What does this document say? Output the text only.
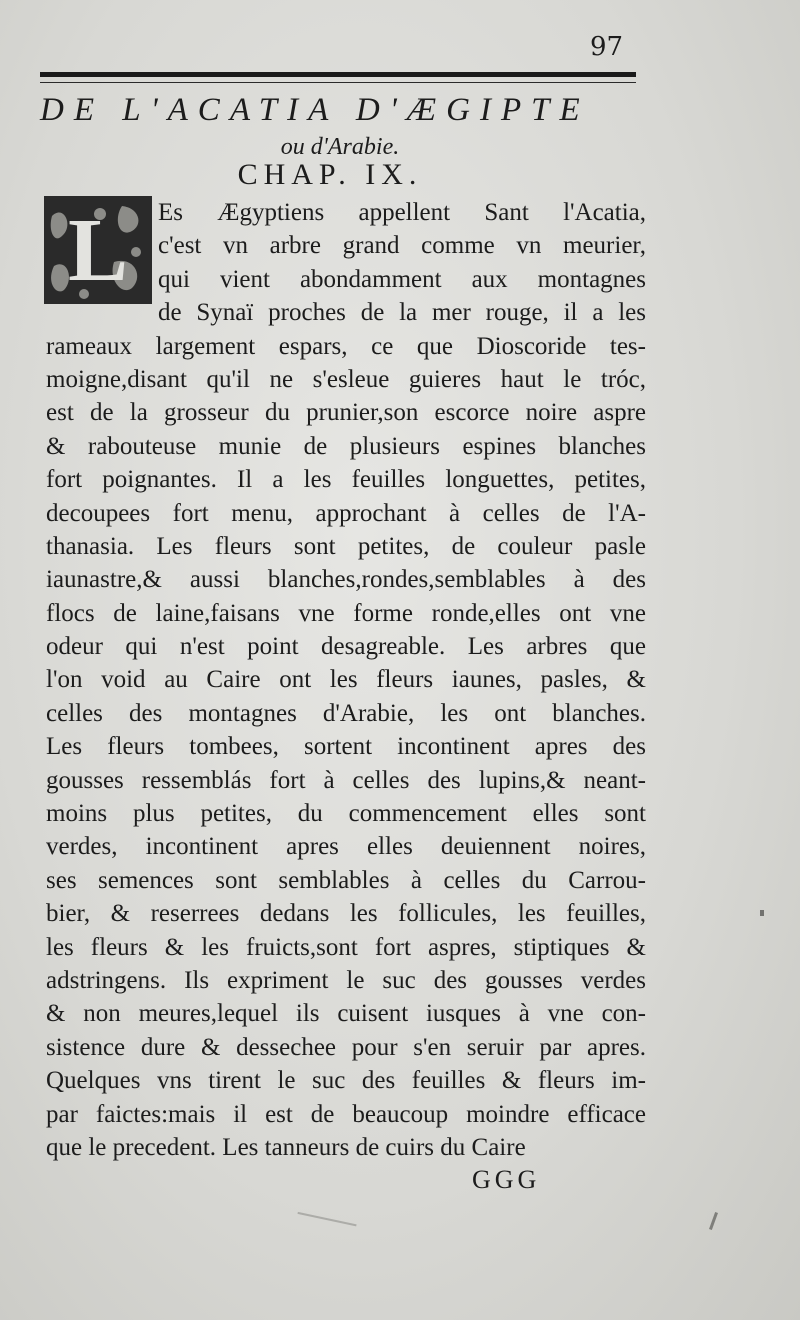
97
DE L'ACATIA D'ÆGIPTE
ou d'Arabie.
CHAP. IX.
L	Es Ægyptiens appellent Sant l'Acatia,
c'est vn arbre grand comme vn meurier,
qui vient abondamment aux montagnes
de Synaï proches de la mer rouge, il a les
rameaux largement espars, ce que Dioscoride tes-
moigne,disant qu'il ne s'esleue guieres haut le tróc,
est de la grosseur du prunier,son escorce noire aspre
& rabouteuse munie de plusieurs espines blanches
fort poignantes. Il a les feuilles longuettes, petites,
decoupees fort menu, approchant à celles de l'A-
thanasia. Les fleurs sont petites, de couleur pasle
iaunastre,& aussi blanches,rondes,semblables à des
flocs de laine,faisans vne forme ronde,elles ont vne
odeur qui n'est point desagreable. Les arbres que
l'on void au Caire ont les fleurs iaunes, pasles, &
celles des montagnes d'Arabie, les ont blanches.
Les fleurs tombees, sortent incontinent apres des
gousses ressemblás fort à celles des lupins,& neant-
moins plus petites, du commencement elles sont
verdes, incontinent apres elles deuiennent noires,
ses semences sont semblables à celles du Carrou-
bier, & reserrees dedans les follicules, les feuilles,
les fleurs & les fruicts,sont fort aspres, stiptiques &
adstringens. Ils expriment le suc des gousses verdes
& non meures,lequel ils cuisent iusques à vne con-
sistence dure & dessechee pour s'en seruir par apres.
Quelques vns tirent le suc des feuilles & fleurs im-
par faictes:mais il est de beaucoup moindre efficace
que le precedent. Les tanneurs de cuirs du Caire
GGG
